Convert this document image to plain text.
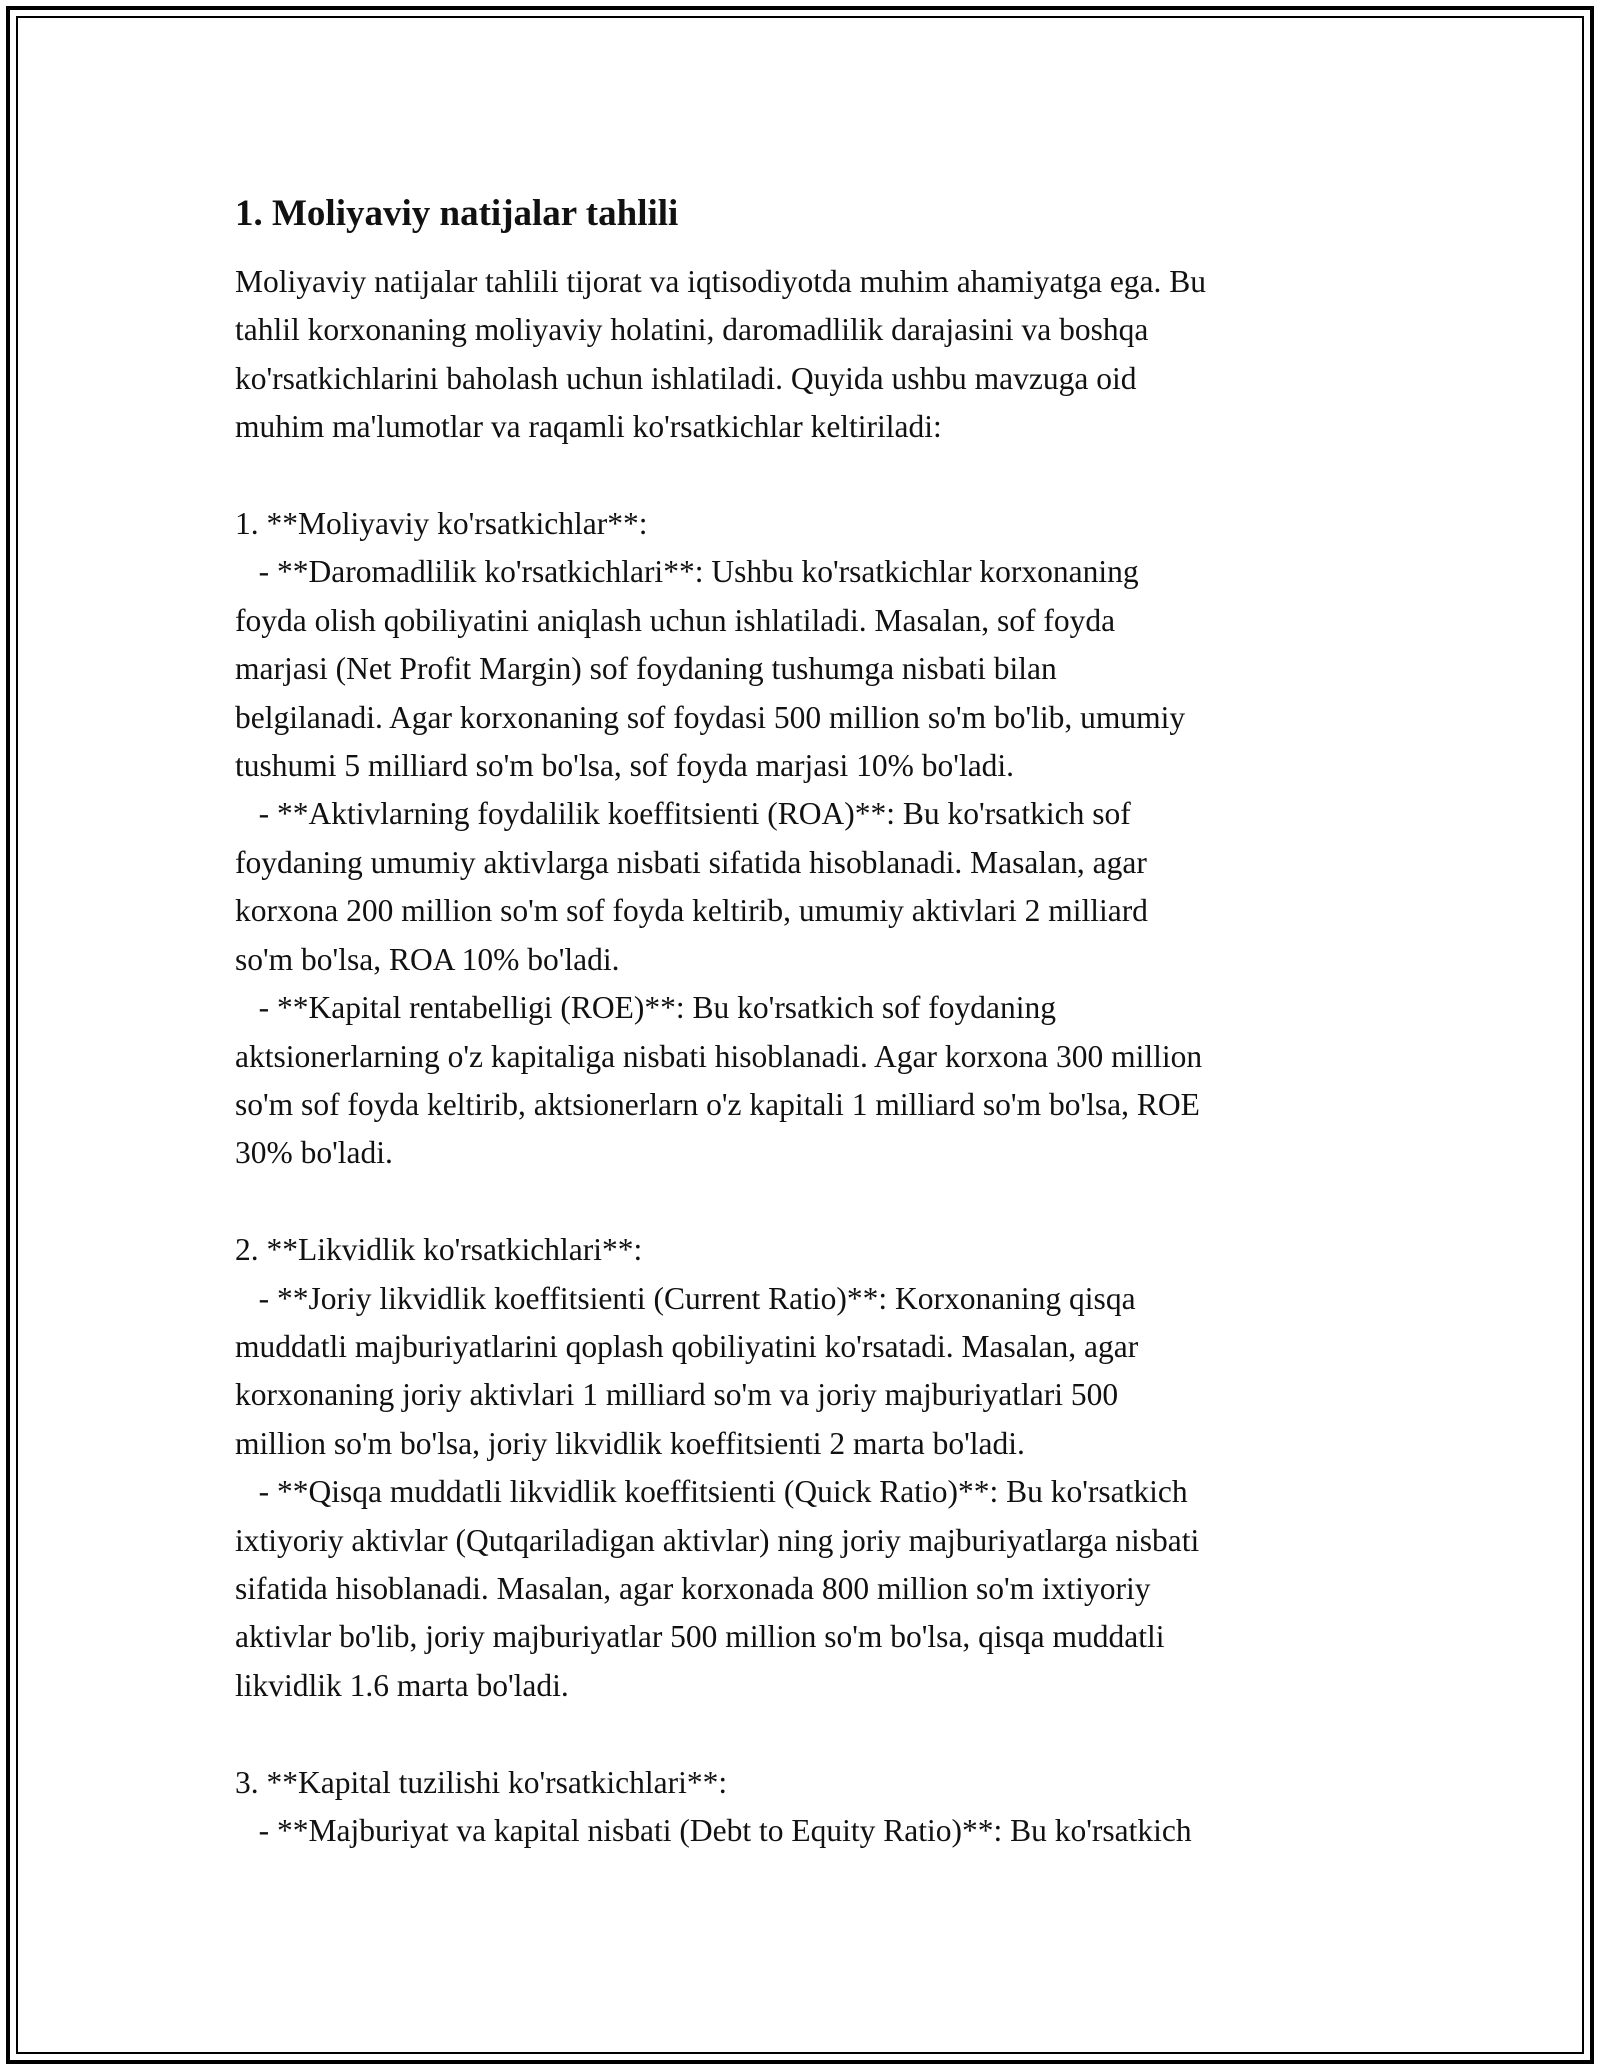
1. Moliyaviy natijalar tahlili

Moliyaviy natijalar tahlili tijorat va iqtisodiyotda muhim ahamiyatga ega. Bu
tahlil korxonaning moliyaviy holatini, daromadlilik darajasini va boshqa
ko'rsatkichlarini baholash uchun ishlatiladi. Quyida ushbu mavzuga oid
muhim ma'lumotlar va raqamli ko'rsatkichlar keltiriladi:

1. **Moliyaviy ko'rsatkichlar**:
- **Daromadlilik ko'rsatkichlari**: Ushbu ko'rsatkichlar korxonaning
foyda olish qobiliyatini aniqlash uchun ishlatiladi. Masalan, sof foyda
marjasi (Net Profit Margin) sof foydaning tushumga nisbati bilan
belgilanadi. Agar korxonaning sof foydasi 500 million so'm bo'lib, umumiy
tushumi 5 milliard so'm bo'lsa, sof foyda marjasi 10% bo'ladi.
- **Aktivlarning foydalilik koeffitsienti (ROA)**: Bu ko'rsatkich sof
foydaning umumiy aktivlarga nisbati sifatida hisoblanadi. Masalan, agar
korxona 200 million so'm sof foyda keltirib, umumiy aktivlari 2 milliard
so'm bo'lsa, ROA 10% bo'ladi.
- **Kapital rentabelligi (ROE)**: Bu ko'rsatkich sof foydaning
aktsionerlarning o'z kapitaliga nisbati hisoblanadi. Agar korxona 300 million
so'm sof foyda keltirib, aktsionerlarn o'z kapitali 1 milliard so'm bo'lsa, ROE
30% bo'ladi.

2. **Likvidlik ko'rsatkichlari**:
- **Joriy likvidlik koeffitsienti (Current Ratio)**: Korxonaning qisqa
muddatli majburiyatlarini qoplash qobiliyatini ko'rsatadi. Masalan, agar
korxonaning joriy aktivlari 1 milliard so'm va joriy majburiyatlari 500
million so'm bo'lsa, joriy likvidlik koeffitsienti 2 marta bo'ladi.
- **Qisqa muddatli likvidlik koeffitsienti (Quick Ratio)**: Bu ko'rsatkich
ixtiyoriy aktivlar (Qutqariladigan aktivlar) ning joriy majburiyatlarga nisbati
sifatida hisoblanadi. Masalan, agar korxonada 800 million so'm ixtiyoriy
aktivlar bo'lib, joriy majburiyatlar 500 million so'm bo'lsa, qisqa muddatli
likvidlik 1.6 marta bo'ladi.

3. **Kapital tuzilishi ko'rsatkichlari**:
- **Majburiyat va kapital nisbati (Debt to Equity Ratio)**: Bu ko'rsatkich
